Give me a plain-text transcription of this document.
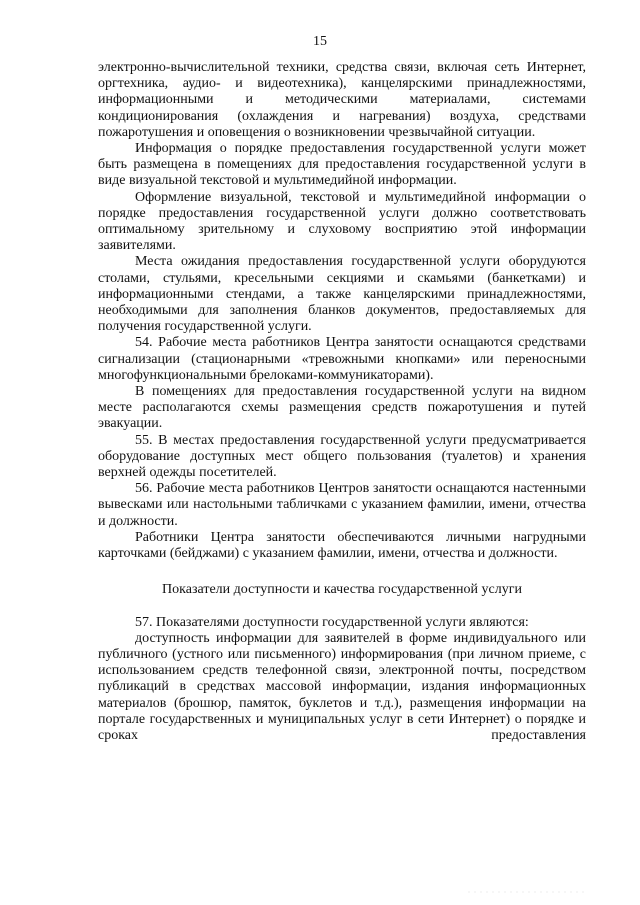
15

электронно-вычислительной техники, средства связи, включая сеть Интернет, оргтехника, аудио- и видеотехника), канцелярскими принадлежностями, информационными и методическими материалами, системами кондиционирования (охлаждения и нагревания) воздуха, средствами пожаротушения и оповещения о возникновении чрезвычайной ситуации.

Информация о порядке предоставления государственной услуги может быть размещена в помещениях для предоставления государственной услуги в виде визуальной текстовой и мультимедийной информации.

Оформление визуальной, текстовой и мультимедийной информации о порядке предоставления государственной услуги должно соответствовать оптимальному зрительному и слуховому восприятию этой информации заявителями.

Места ожидания предоставления государственной услуги оборудуются столами, стульями, кресельными секциями и скамьями (банкетками) и информационными стендами, а также канцелярскими принадлежностями, необходимыми для заполнения бланков документов, предоставляемых для получения государственной услуги.

54. Рабочие места работников Центра занятости оснащаются средствами сигнализации (стационарными «тревожными кнопками» или переносными многофункциональными брелоками-коммуникаторами).

В помещениях для предоставления государственной услуги на видном месте располагаются схемы размещения средств пожаротушения и путей эвакуации.

55. В местах предоставления государственной услуги предусматривается оборудование доступных мест общего пользования (туалетов) и хранения верхней одежды посетителей.

56. Рабочие места работников Центров занятости оснащаются настенными вывесками или настольными табличками с указанием фамилии, имени, отчества и должности.

Работники Центра занятости обеспечиваются личными нагрудными карточками (бейджами) с указанием фамилии, имени, отчества и должности.

Показатели доступности и качества государственной услуги

57. Показателями доступности государственной услуги являются:

доступность информации для заявителей в форме индивидуального или публичного (устного или письменного) информирования (при личном приеме, с использованием средств телефонной связи, электронной почты, посредством публикаций в средствах массовой информации, издания информационных материалов (брошюр, памяток, буклетов и т.д.), размещения информации на портале государственных и муниципальных услуг в сети Интернет) о порядке и сроках предоставления
